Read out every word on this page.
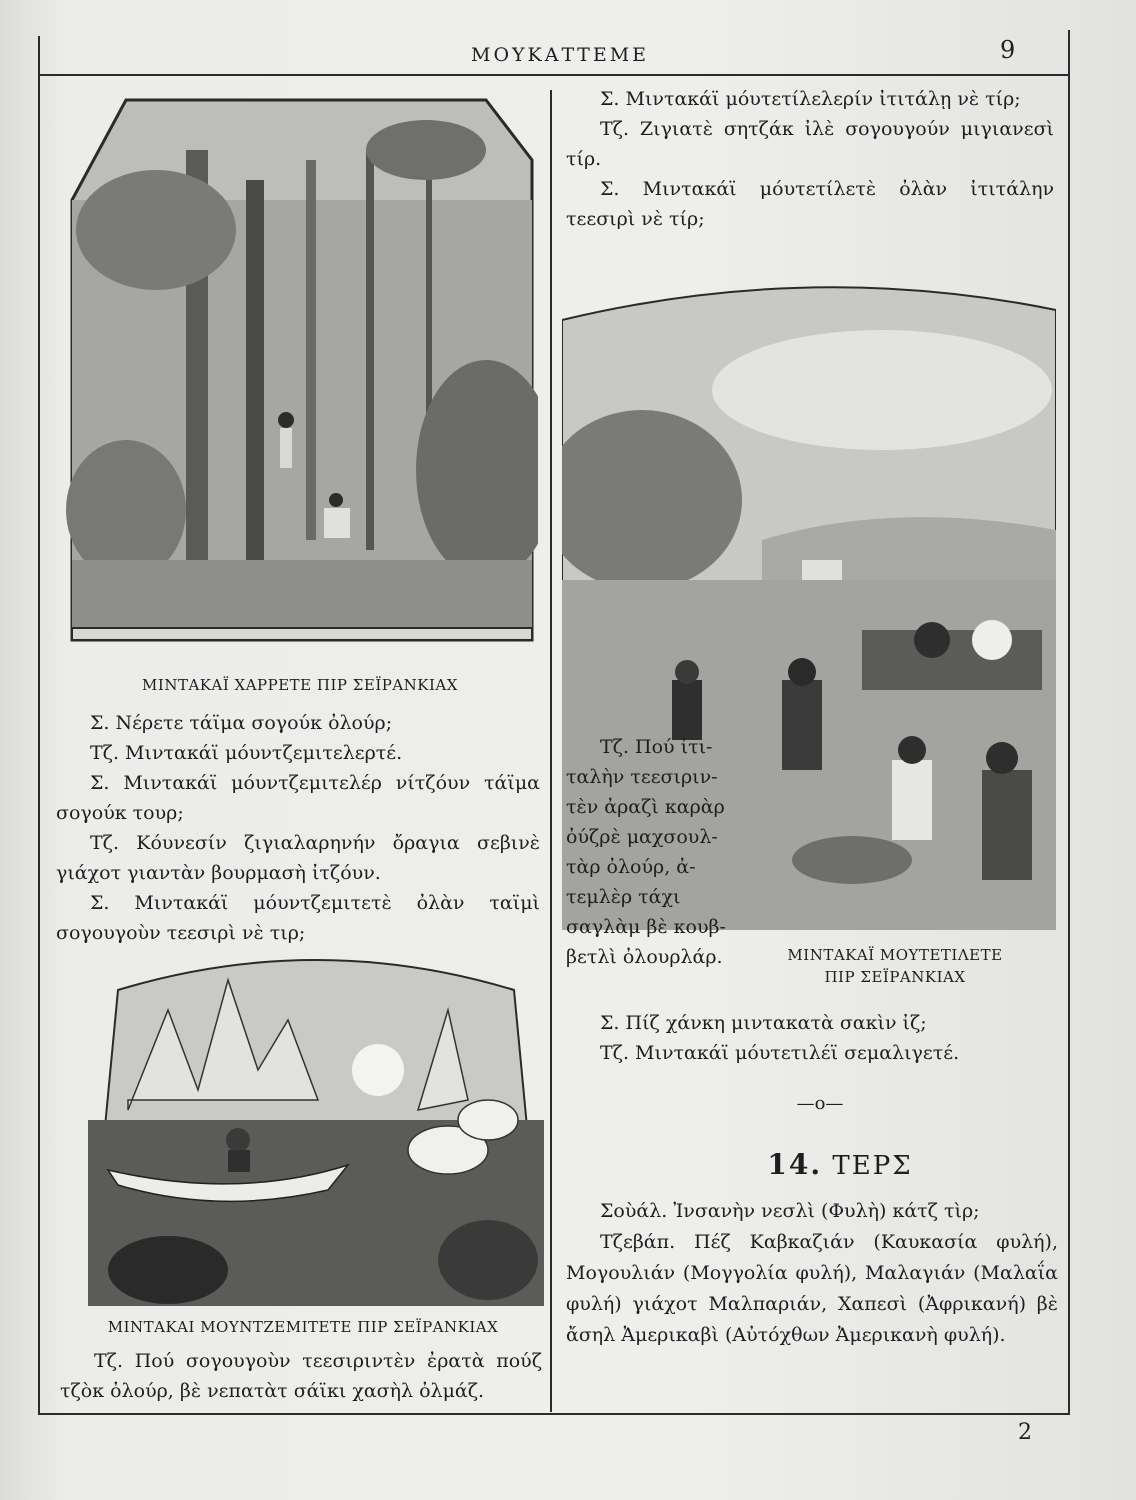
ΜΟΥΚΑΤΤΕΜΕ	9
ΜΙΝΤΑΚΑΪ ΧΑΡΡΕΤΕ ΠΙΡ ΣΕΪΡΑΝΚΙΑΧ

Σ. Νέρετε τάϊμα σογούκ ὀλούρ;

Τζ. Μιντακάϊ μόυντζεμιτελερτέ.

Σ. Μιντακάϊ μόυντζεμιτελέρ νίτζόυν τάϊμα σογούκ τουρ;

Τζ. Κόυνεσίν ζιγιαλαρηνήν ὄραγια σεβινὲ γιάχοτ γιαντὰν βουρμασὴ ἰτζόυν.

Σ. Μιντακάϊ μόυντζεμιτετὲ ὀλὰν ταϊμὶ σογουγοὺν τεεσιρὶ νὲ τιρ;

ΜΙΝΤΑΚΑΙ ΜΟΥΝΤΖΕΜΙΤΕΤΕ ΠΙΡ ΣΕΪΡΑΝΚΙΑΧ

Τζ. Πού σογουγοὺν τεεσιριντὲν ἐρατὰ πούζ τζὸκ ὀλούρ, βὲ νεπατὰτ σάϊκι χασὴλ ὀλμάζ.

Σ. Μιντακάϊ μόυτετίλελερίν ἰτιτάλῃ νὲ τίρ;

Τζ. Ζιγιατὲ σητζάκ ἰλὲ σογουγούν μιγιανεσὶ τίρ.

Σ. Μιντακάϊ μόυτετίλετὲ ὀλὰν ἰτιτάλην τεεσιρὶ νὲ τίρ;

Τζ. Πού ἰτι-

ταλὴν τεεσιριν-

τὲν ἀραζὶ καρὰρ

ὀύζρὲ μαχσουλ-

τὰρ ὀλούρ, ἀ-

τεμλὲρ τάχι

σαγλὰμ βὲ κουβ-

βετλὶ ὀλουρλάρ.	ΜΙΝΤΑΚΑΪ ΜΟΥΤΕΤΙΛΕΤΕ
ΠΙΡ ΣΕΪΡΑΝΚΙΑΧ

Σ. Πίζ χάνκη μιντακατὰ σακὶν ἰζ;

Τζ. Μιντακάϊ μόυτετιλέϊ σεμαλιγετέ.

—ο—
14. ΤΕΡΣ

Σοὺάλ. Ἰνσανὴν νεσλὶ (Φυλὴ) κάτζ τὶρ;

Τζεβάπ. Πέζ Καβκαζιάν (Καυκασία φυλή), Μογουλιάν (Μογγολία φυλή), Μαλαγιάν (Μαλαΐα φυλή) γιάχοτ Μαλπαριάν, Χαπεσὶ (Ἀφρικανή) βὲ ἄσηλ Ἀμερικαβὶ (Αὐτόχθων Ἀμερικανὴ φυλή).

2
